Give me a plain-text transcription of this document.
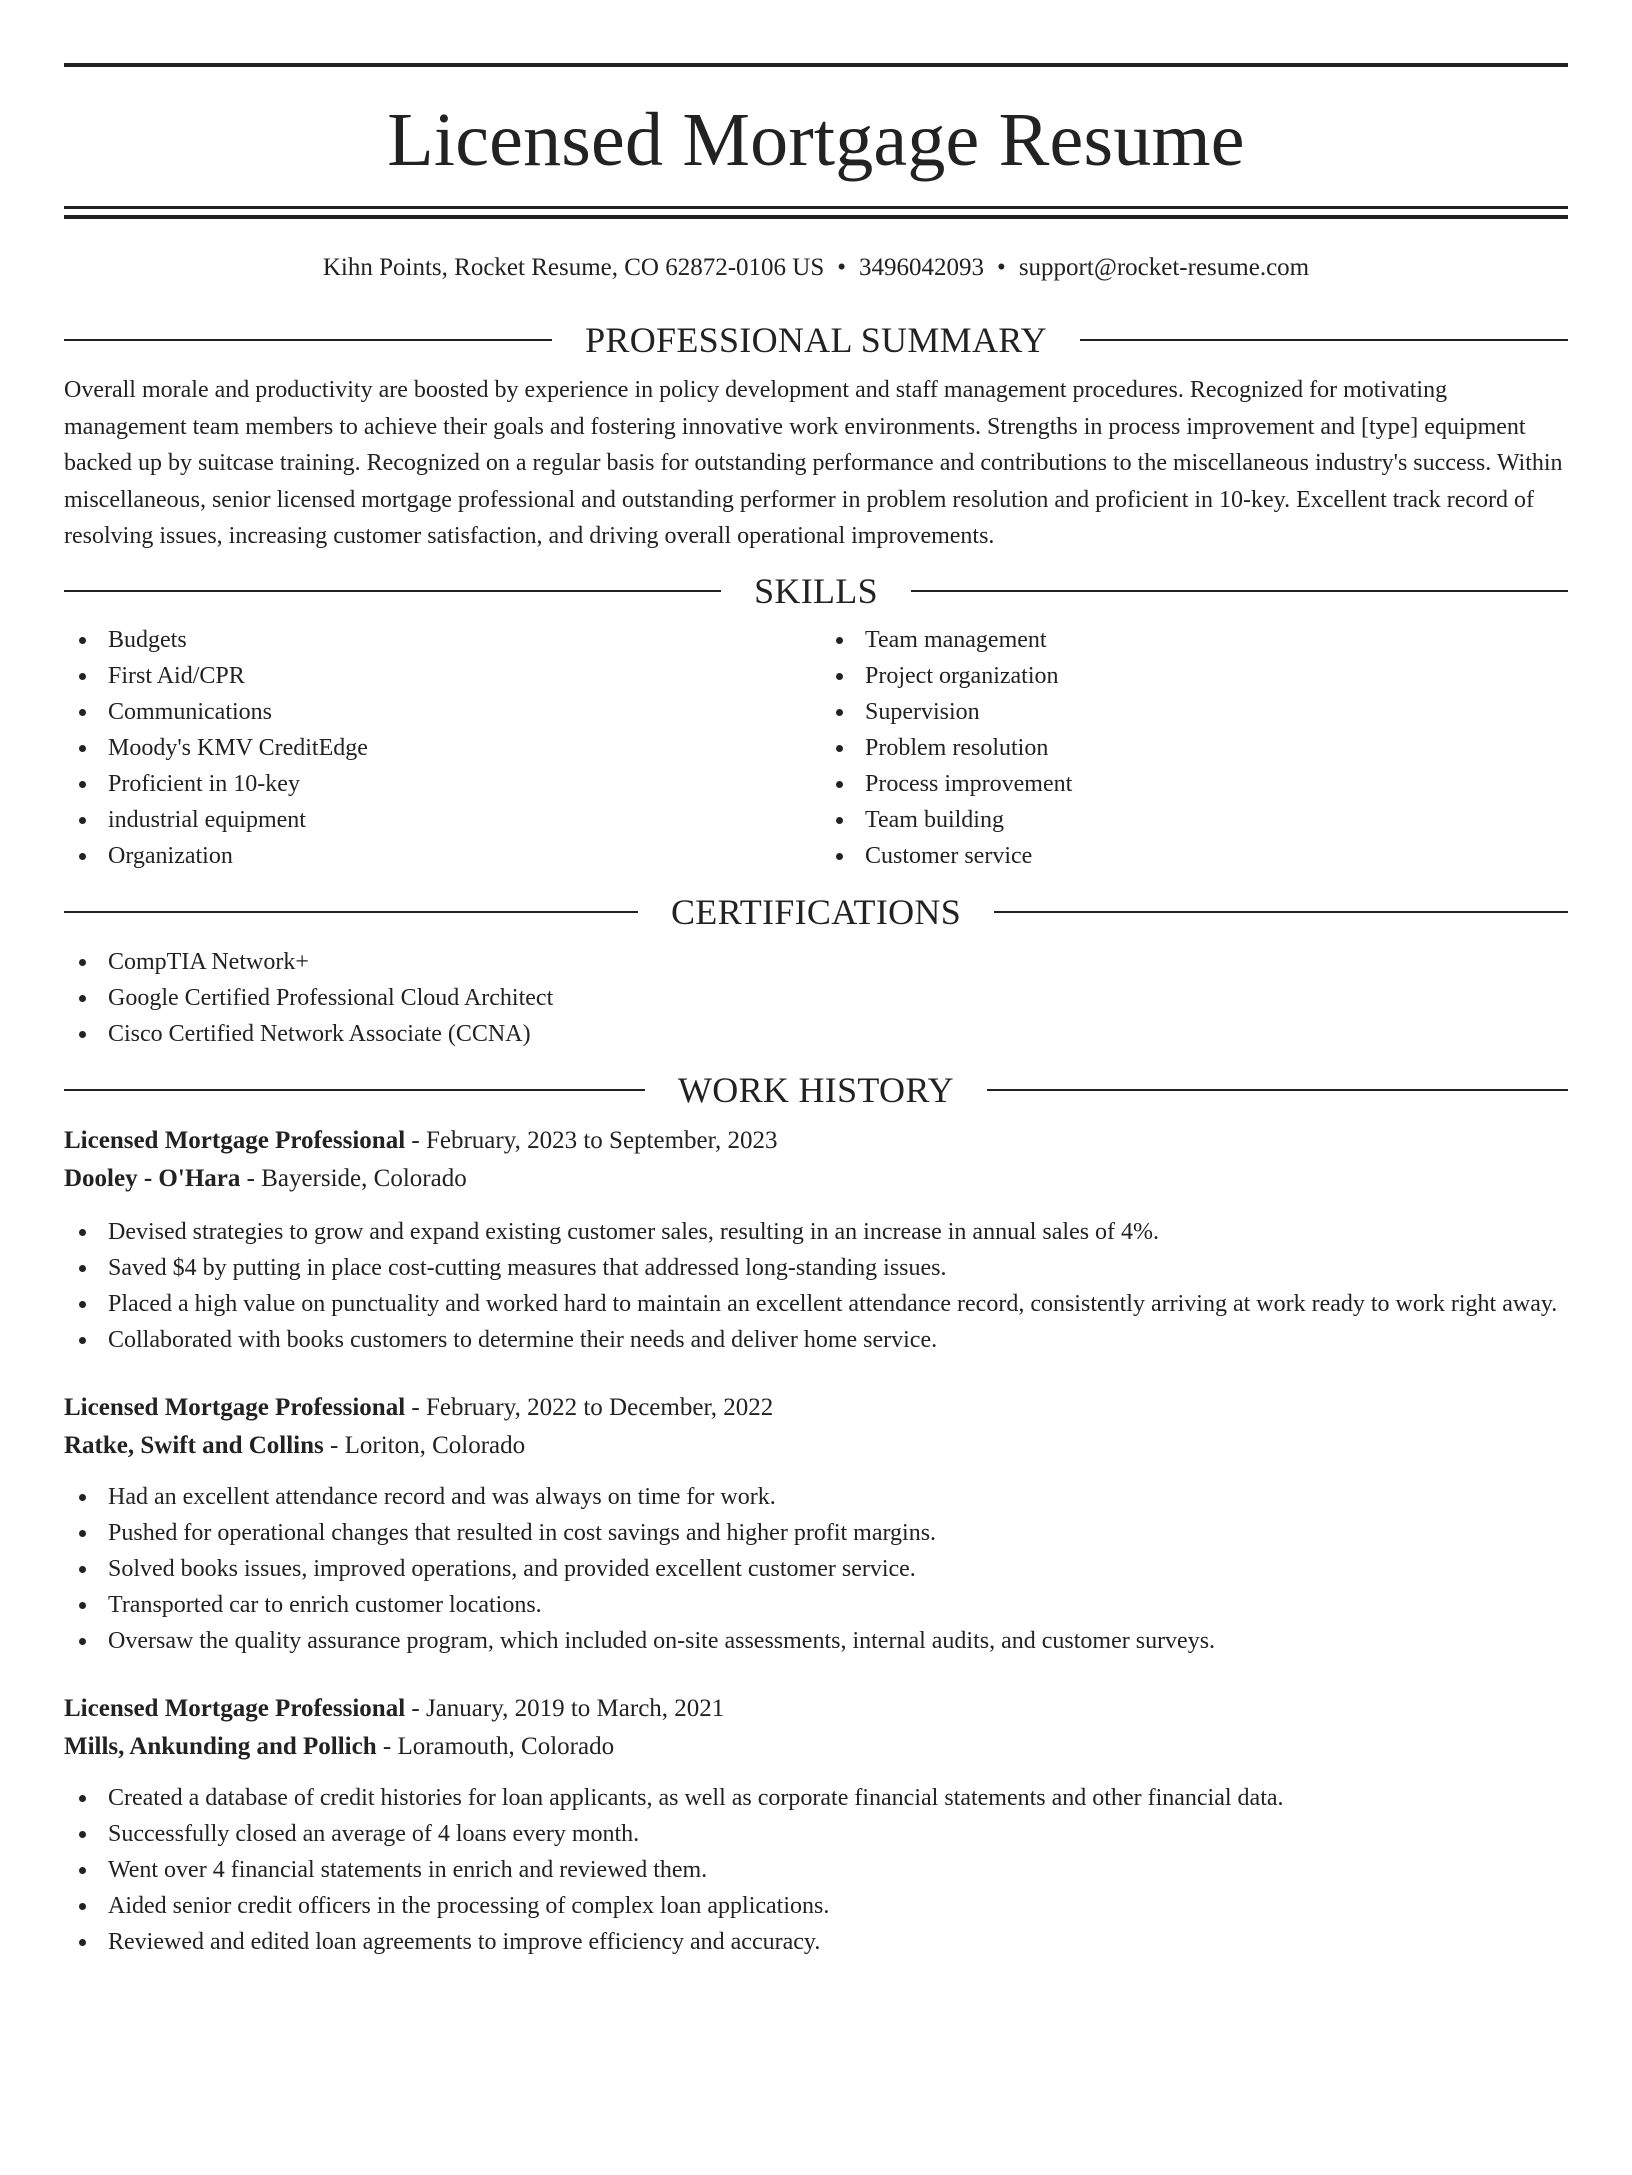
Licensed Mortgage Resume
Kihn Points, Rocket Resume, CO 62872-0106 US • 3496042093 • support@rocket-resume.com
PROFESSIONAL SUMMARY

Overall morale and productivity are boosted by experience in policy development and staff management procedures. Recognized for motivating management team members to achieve their goals and fostering innovative work environments. Strengths in process improvement and [type] equipment backed up by suitcase training. Recognized on a regular basis for outstanding performance and contributions to the miscellaneous industry's success. Within miscellaneous, senior licensed mortgage professional and outstanding performer in problem resolution and proficient in 10-key. Excellent track record of resolving issues, increasing customer satisfaction, and driving overall operational improvements.

SKILLS
Budgets
First Aid/CPR
Communications
Moody's KMV CreditEdge
Proficient in 10-key
industrial equipment
Organization
Team management
Project organization
Supervision
Problem resolution
Process improvement
Team building
Customer service
CERTIFICATIONS
CompTIA Network+
Google Certified Professional Cloud Architect
Cisco Certified Network Associate (CCNA)
WORK HISTORY
Licensed Mortgage Professional - February, 2023 to September, 2023
Dooley - O'Hara - Bayerside, Colorado
Devised strategies to grow and expand existing customer sales, resulting in an increase in annual sales of 4%.
Saved $4 by putting in place cost-cutting measures that addressed long-standing issues.
Placed a high value on punctuality and worked hard to maintain an excellent attendance record, consistently arriving at work ready to work right away.
Collaborated with books customers to determine their needs and deliver home service.
Licensed Mortgage Professional - February, 2022 to December, 2022
Ratke, Swift and Collins - Loriton, Colorado
Had an excellent attendance record and was always on time for work.
Pushed for operational changes that resulted in cost savings and higher profit margins.
Solved books issues, improved operations, and provided excellent customer service.
Transported car to enrich customer locations.
Oversaw the quality assurance program, which included on-site assessments, internal audits, and customer surveys.
Licensed Mortgage Professional - January, 2019 to March, 2021
Mills, Ankunding and Pollich - Loramouth, Colorado
Created a database of credit histories for loan applicants, as well as corporate financial statements and other financial data.
Successfully closed an average of 4 loans every month.
Went over 4 financial statements in enrich and reviewed them.
Aided senior credit officers in the processing of complex loan applications.
Reviewed and edited loan agreements to improve efficiency and accuracy.
